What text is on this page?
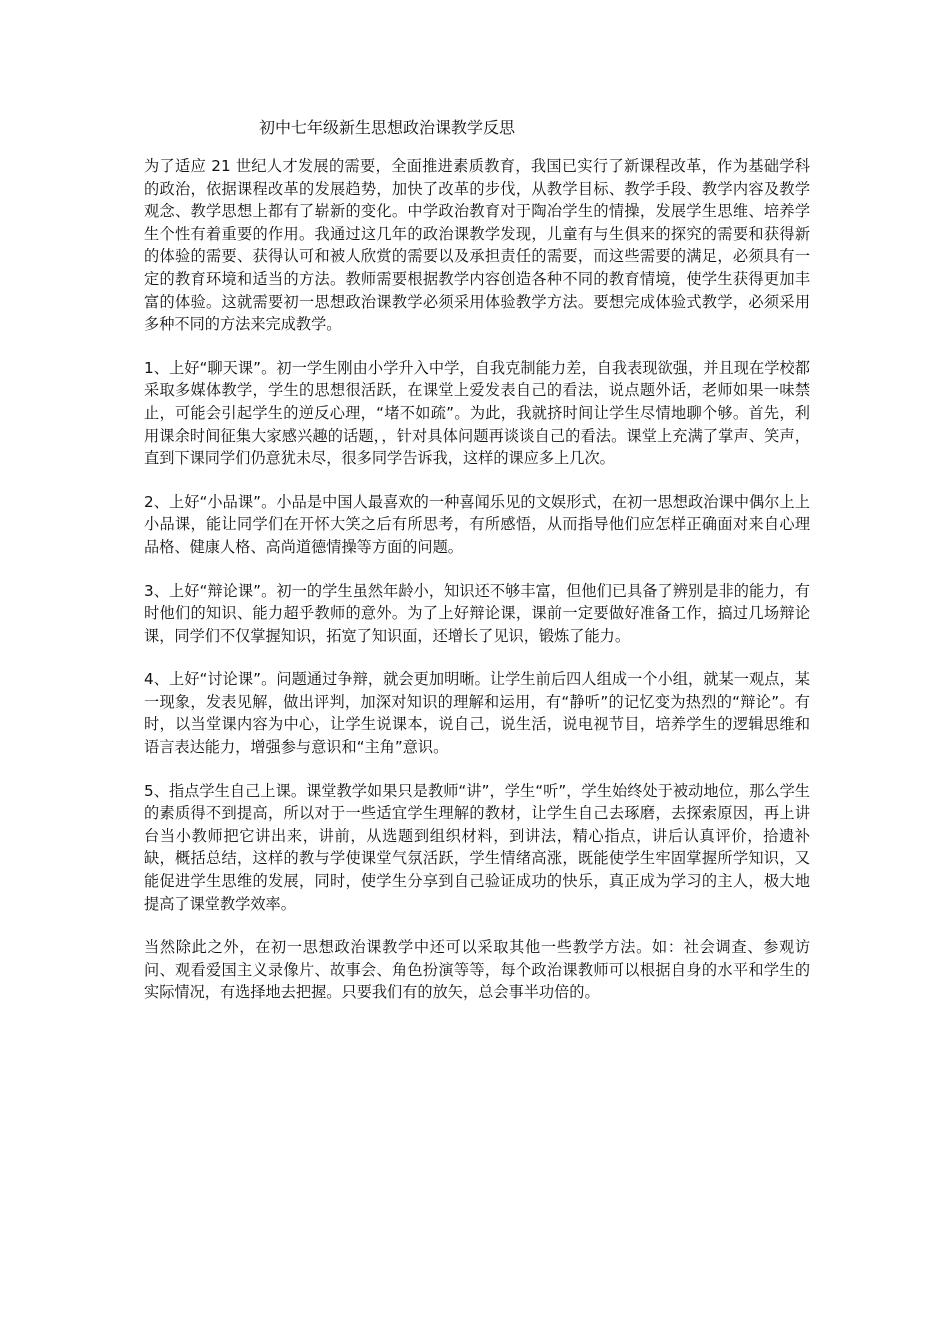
初中七年级新生思想政治课教学反思

为了适应 21 世纪人才发展的需要，全面推进素质教育，我国已实行了新课程改革，作为基础学科的政治，依据课程改革的发展趋势，加快了改革的步伐，从教学目标、教学手段、教学内容及教学观念、教学思想上都有了崭新的变化。中学政治教育对于陶冶学生的情操，发展学生思维、培养学生个性有着重要的作用。我通过这几年的政治课教学发现，儿童有与生俱来的探究的需要和获得新的体验的需要、获得认可和被人欣赏的需要以及承担责任的需要，而这些需要的满足，必须具有一定的教育环境和适当的方法。教师需要根据教学内容创造各种不同的教育情境，使学生获得更加丰富的体验。这就需要初一思想政治课教学必须采用体验教学方法。要想完成体验式教学，必须采用多种不同的方法来完成教学。

1、上好“聊天课”。初一学生刚由小学升入中学，自我克制能力差，自我表现欲强，并且现在学校都采取多媒体教学，学生的思想很活跃，在课堂上爱发表自己的看法，说点题外话，老师如果一味禁止，可能会引起学生的逆反心理，“堵不如疏”。为此，我就挤时间让学生尽情地聊个够。首先，利用课余时间征集大家感兴趣的话题，，针对具体问题再谈谈自己的看法。课堂上充满了掌声、笑声，直到下课同学们仍意犹未尽，很多同学告诉我，这样的课应多上几次。

2、上好“小品课”。小品是中国人最喜欢的一种喜闻乐见的文娱形式，在初一思想政治课中偶尔上上小品课，能让同学们在开怀大笑之后有所思考，有所感悟，从而指导他们应怎样正确面对来自心理品格、健康人格、高尚道德情操等方面的问题。

3、上好“辩论课”。初一的学生虽然年龄小，知识还不够丰富，但他们已具备了辨别是非的能力，有时他们的知识、能力超乎教师的意外。为了上好辩论课，课前一定要做好准备工作，搞过几场辩论课，同学们不仅掌握知识，拓宽了知识面，还增长了见识，锻炼了能力。

4、上好“讨论课”。问题通过争辩，就会更加明晰。让学生前后四人组成一个小组，就某一观点，某一现象，发表见解，做出评判，加深对知识的理解和运用，有“静听”的记忆变为热烈的“辩论”。有时，以当堂课内容为中心，让学生说课本，说自己，说生活，说电视节目，培养学生的逻辑思维和语言表达能力，增强参与意识和“主角”意识。

5、指点学生自己上课。课堂教学如果只是教师“讲”，学生“听”，学生始终处于被动地位，那么学生的素质得不到提高，所以对于一些适宜学生理解的教材，让学生自己去琢磨，去探索原因，再上讲台当小教师把它讲出来，讲前，从选题到组织材料，到讲法，精心指点，讲后认真评价，拾遗补缺，概括总结，这样的教与学使课堂气氛活跃，学生情绪高涨，既能使学生牢固掌握所学知识，又能促进学生思维的发展，同时，使学生分享到自己验证成功的快乐，真正成为学习的主人，极大地提高了课堂教学效率。

当然除此之外，在初一思想政治课教学中还可以采取其他一些教学方法。如：社会调查、参观访问、观看爱国主义录像片、故事会、角色扮演等等，每个政治课教师可以根据自身的水平和学生的实际情况，有选择地去把握。只要我们有的放矢，总会事半功倍的。
